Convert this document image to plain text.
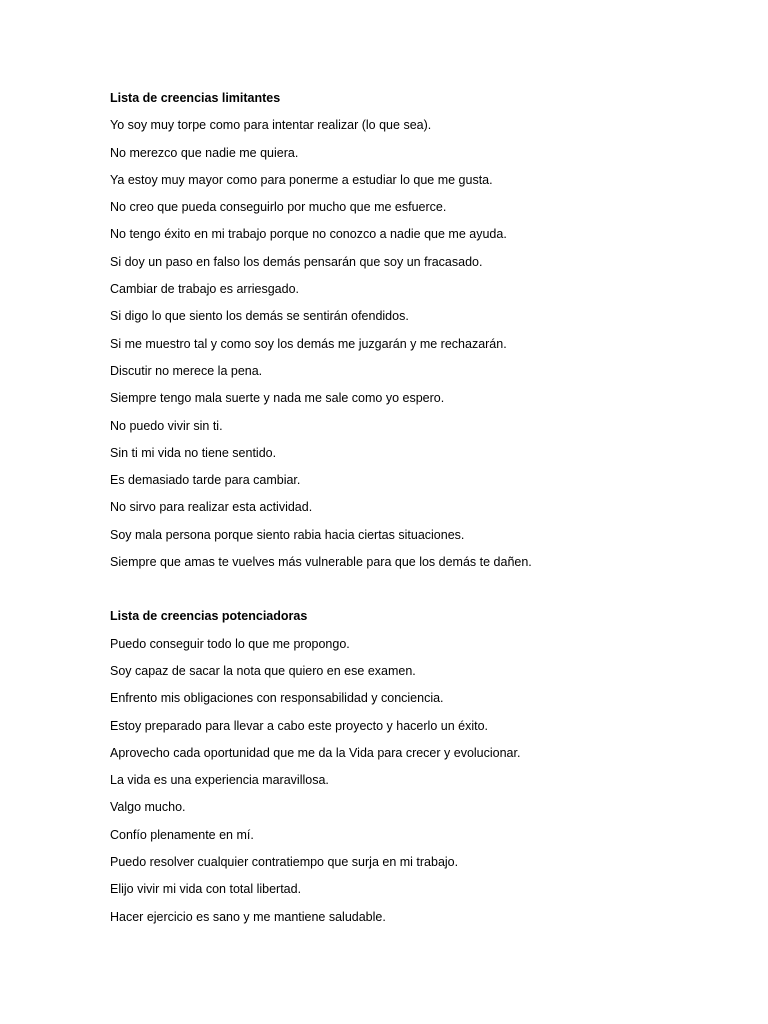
Lista de creencias limitantes
Yo soy muy torpe como para intentar realizar (lo que sea).
No merezco que nadie me quiera.
Ya estoy muy mayor como para ponerme a estudiar lo que me gusta.
No creo que pueda conseguirlo por mucho que me esfuerce.
No tengo éxito en mi trabajo porque no conozco a nadie que me ayuda.
Si doy un paso en falso los demás pensarán que soy un fracasado.
Cambiar de trabajo es arriesgado.
Si digo lo que siento los demás se sentirán ofendidos.
Si me muestro tal y como soy los demás me juzgarán y me rechazarán.
Discutir no merece la pena.
Siempre tengo mala suerte y nada me sale como yo espero.
No puedo vivir sin ti.
Sin ti mi vida no tiene sentido.
Es demasiado tarde para cambiar.
No sirvo para realizar esta actividad.
Soy mala persona porque siento rabia hacia ciertas situaciones.
Siempre que amas te vuelves más vulnerable para que los demás te dañen.
Lista de creencias potenciadoras
Puedo conseguir todo lo que me propongo.
Soy capaz de sacar la nota que quiero en ese examen.
Enfrento mis obligaciones con responsabilidad y conciencia.
Estoy preparado para llevar a cabo este proyecto y hacerlo un éxito.
Aprovecho cada oportunidad que me da la Vida para crecer y evolucionar.
La vida es una experiencia maravillosa.
Valgo mucho.
Confío plenamente en mí.
Puedo resolver cualquier contratiempo que surja en mi trabajo.
Elijo vivir mi vida con total libertad.
Hacer ejercicio es sano y me mantiene saludable.
